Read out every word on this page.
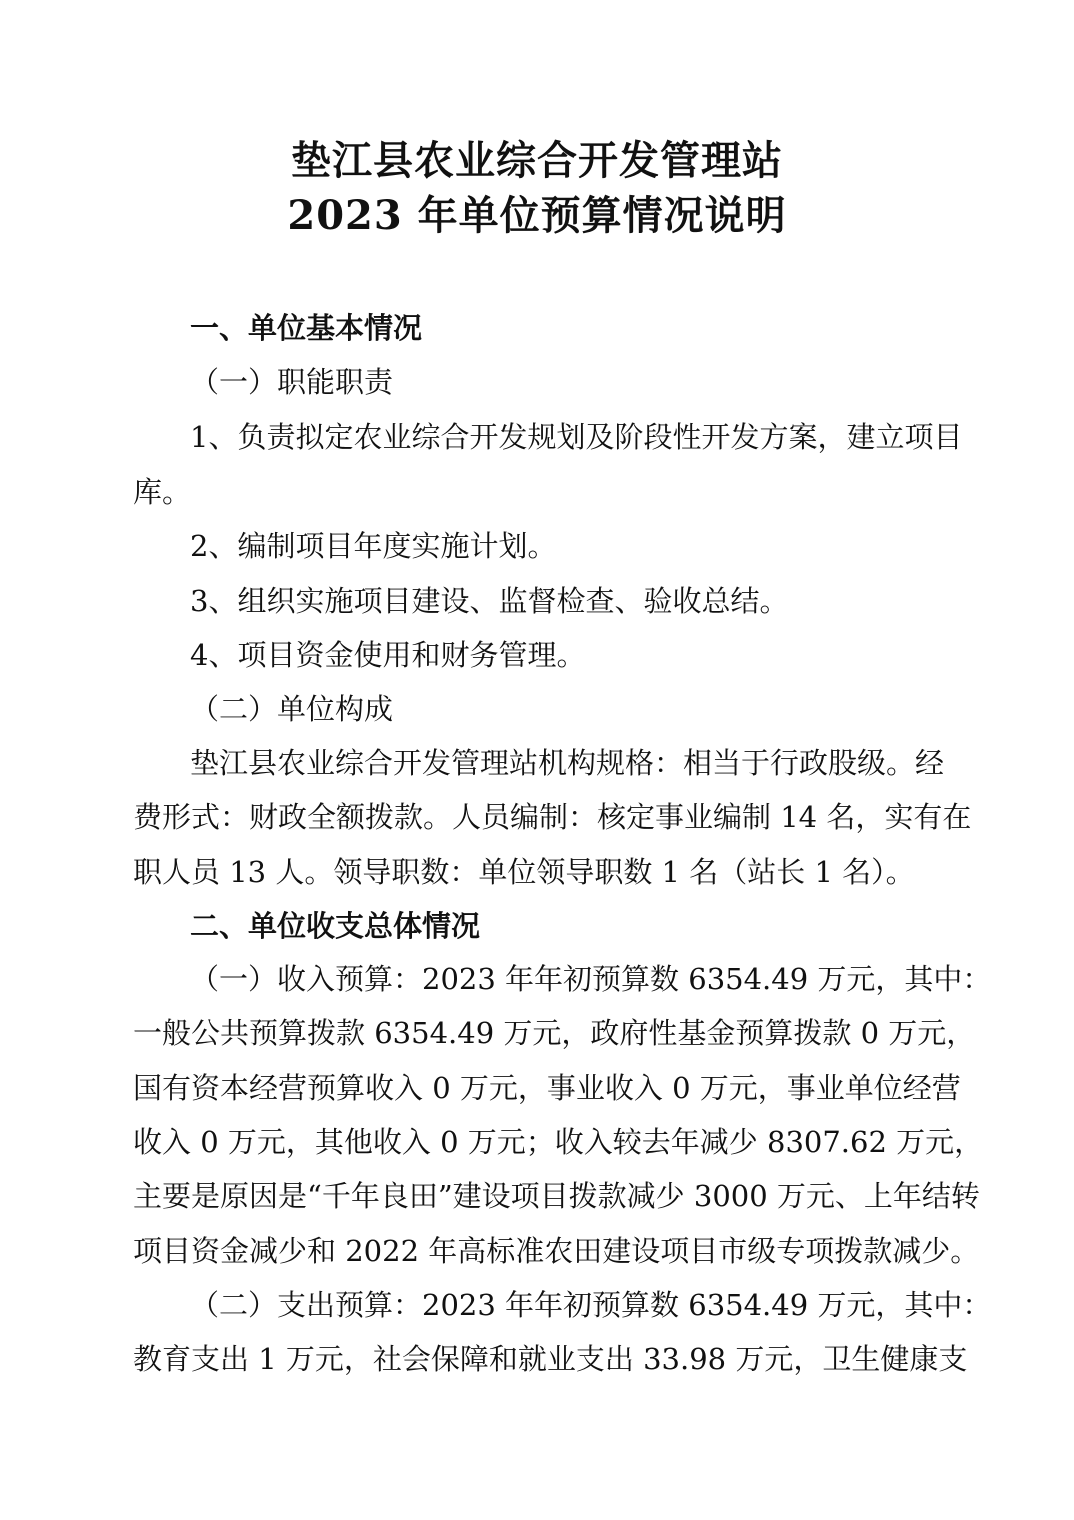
垫江县农业综合开发管理站
2023 年单位预算情况说明
一、单位基本情况
（一）职能职责
1、负责拟定农业综合开发规划及阶段性开发方案，建立项目
库。
2、编制项目年度实施计划。
3、组织实施项目建设、监督检查、验收总结。
4、项目资金使用和财务管理。
（二）单位构成
垫江县农业综合开发管理站机构规格：相当于行政股级。经
费形式：财政全额拨款。人员编制：核定事业编制 14 名，实有在
职人员 13 人。领导职数：单位领导职数 1 名（站长 1 名）。
二、单位收支总体情况
（一）收入预算：2023 年年初预算数 6354.49 万元，其中：
一般公共预算拨款 6354.49 万元，政府性基金预算拨款 0 万元，
国有资本经营预算收入 0 万元，事业收入 0 万元，事业单位经营
收入 0 万元，其他收入 0 万元；收入较去年减少 8307.62 万元，
主要是原因是“千年良田”建设项目拨款减少 3000 万元、上年结转
项目资金减少和 2022 年高标准农田建设项目市级专项拨款减少。
（二）支出预算：2023 年年初预算数 6354.49 万元，其中：
教育支出 1 万元，社会保障和就业支出 33.98 万元，卫生健康支
